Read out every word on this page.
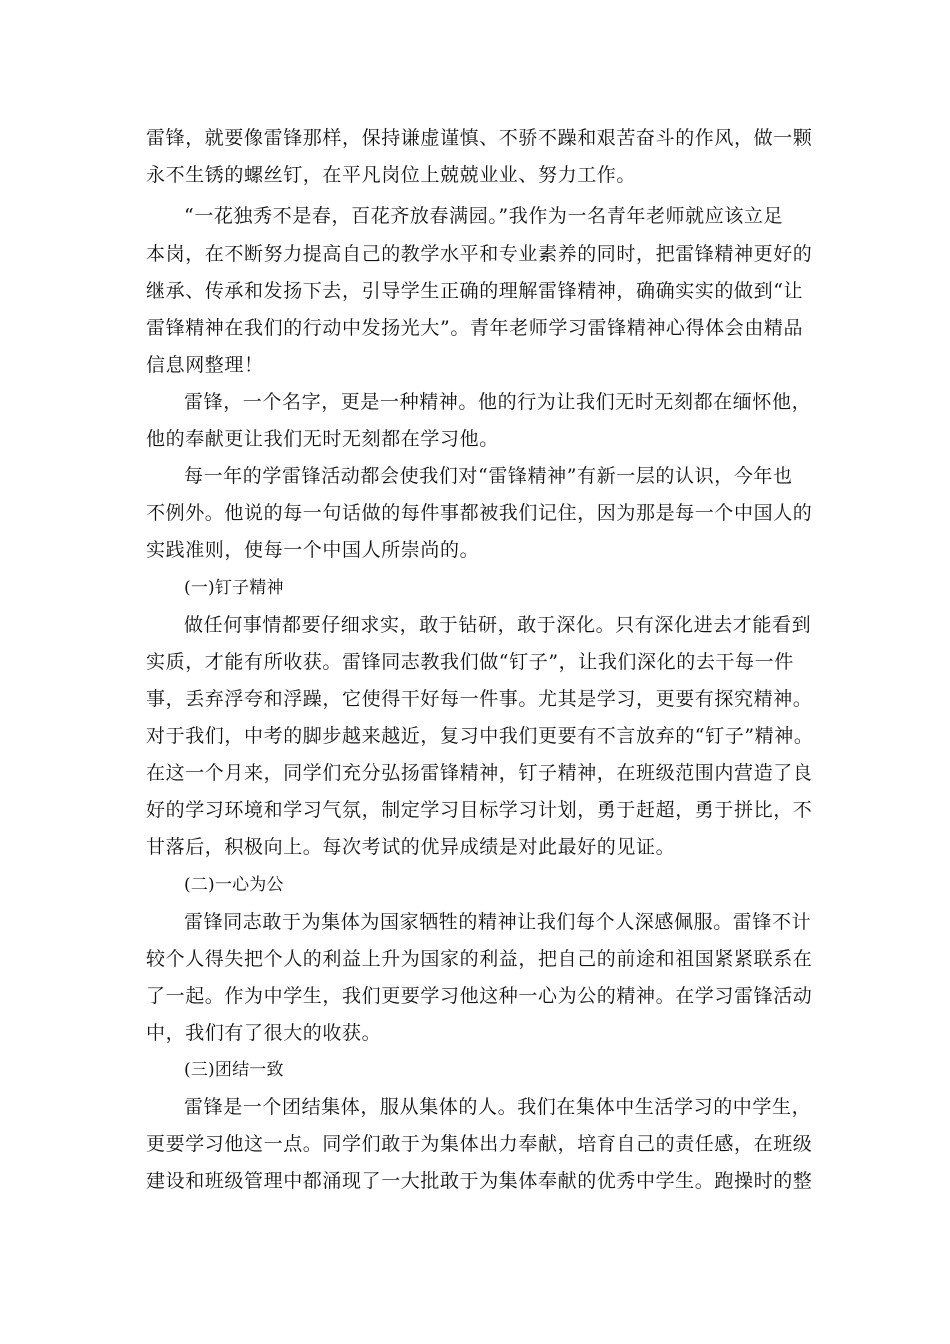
雷锋，就要像雷锋那样，保持谦虚谨慎、不骄不躁和艰苦奋斗的作风，做一颗
永不生锈的螺丝钉，在平凡岗位上兢兢业业、努力工作。
“一花独秀不是春，百花齐放春满园。”我作为一名青年老师就应该立足
本岗，在不断努力提高自己的教学水平和专业素养的同时，把雷锋精神更好的
继承、传承和发扬下去，引导学生正确的理解雷锋精神，确确实实的做到“让
雷锋精神在我们的行动中发扬光大”。青年老师学习雷锋精神心得体会由精品
信息网整理！
雷锋，一个名字，更是一种精神。他的行为让我们无时无刻都在缅怀他，
他的奉献更让我们无时无刻都在学习他。
每一年的学雷锋活动都会使我们对“雷锋精神”有新一层的认识，今年也
不例外。他说的每一句话做的每件事都被我们记住，因为那是每一个中国人的
实践准则，使每一个中国人所崇尚的。
(一)钉子精神
做任何事情都要仔细求实，敢于钻研，敢于深化。只有深化进去才能看到
实质，才能有所收获。雷锋同志教我们做“钉子”，让我们深化的去干每一件
事，丢弃浮夸和浮躁，它使得干好每一件事。尤其是学习，更要有探究精神。
对于我们，中考的脚步越来越近，复习中我们更要有不言放弃的“钉子”精神。
在这一个月来，同学们充分弘扬雷锋精神，钉子精神，在班级范围内营造了良
好的学习环境和学习气氛，制定学习目标学习计划，勇于赶超，勇于拼比，不
甘落后，积极向上。每次考试的优异成绩是对此最好的见证。
(二)一心为公
雷锋同志敢于为集体为国家牺牲的精神让我们每个人深感佩服。雷锋不计
较个人得失把个人的利益上升为国家的利益，把自己的前途和祖国紧紧联系在
了一起。作为中学生，我们更要学习他这种一心为公的精神。在学习雷锋活动
中，我们有了很大的收获。
(三)团结一致
雷锋是一个团结集体，服从集体的人。我们在集体中生活学习的中学生，
更要学习他这一点。同学们敢于为集体出力奉献，培育自己的责任感，在班级
建设和班级管理中都涌现了一大批敢于为集体奉献的优秀中学生。跑操时的整
